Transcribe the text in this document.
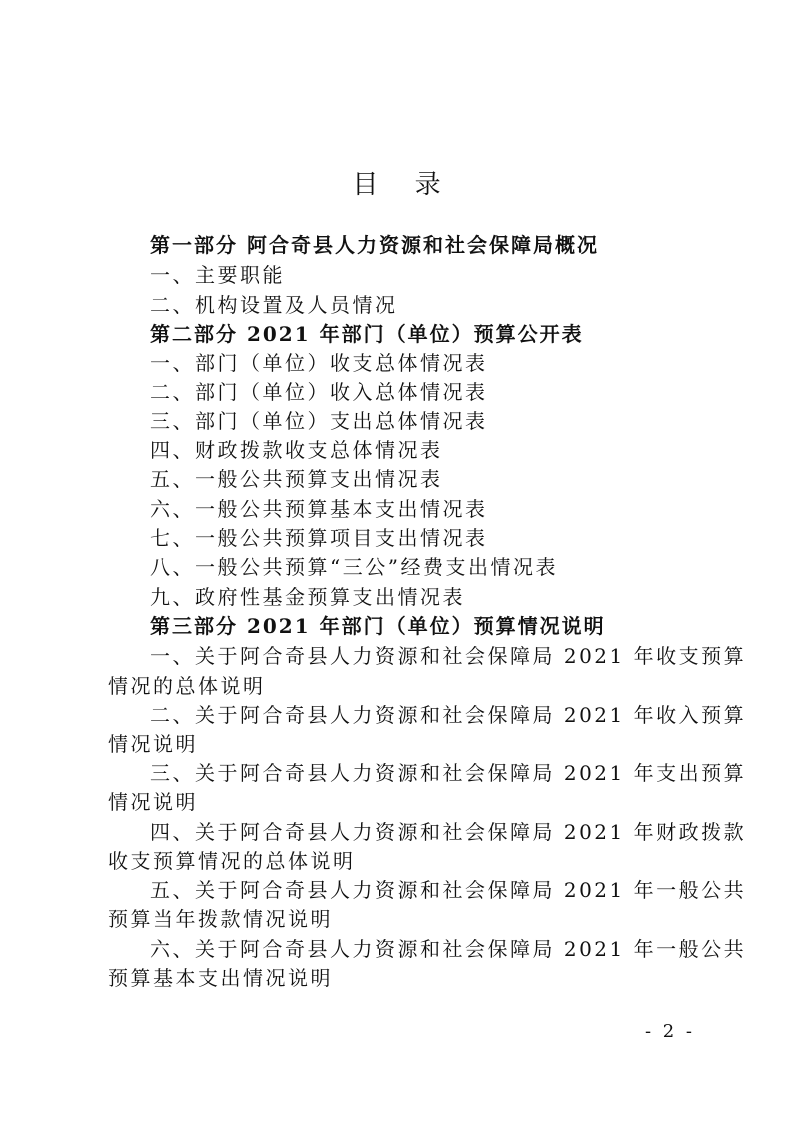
目 录
第一部分 阿合奇县人力资源和社会保障局概况
一、主要职能
二、机构设置及人员情况
第二部分 2021 年部门（单位）预算公开表
一、部门（单位）收支总体情况表
二、部门（单位）收入总体情况表
三、部门（单位）支出总体情况表
四、财政拨款收支总体情况表
五、一般公共预算支出情况表
六、一般公共预算基本支出情况表
七、一般公共预算项目支出情况表
八、一般公共预算“三公”经费支出情况表
九、政府性基金预算支出情况表
第三部分 2021 年部门（单位）预算情况说明
一、关于阿合奇县人力资源和社会保障局 2021 年收支预算
情况的总体说明
二、关于阿合奇县人力资源和社会保障局 2021 年收入预算
情况说明
三、关于阿合奇县人力资源和社会保障局 2021 年支出预算
情况说明
四、关于阿合奇县人力资源和社会保障局 2021 年财政拨款
收支预算情况的总体说明
五、关于阿合奇县人力资源和社会保障局 2021 年一般公共
预算当年拨款情况说明
六、关于阿合奇县人力资源和社会保障局 2021 年一般公共
预算基本支出情况说明
- 2 -
